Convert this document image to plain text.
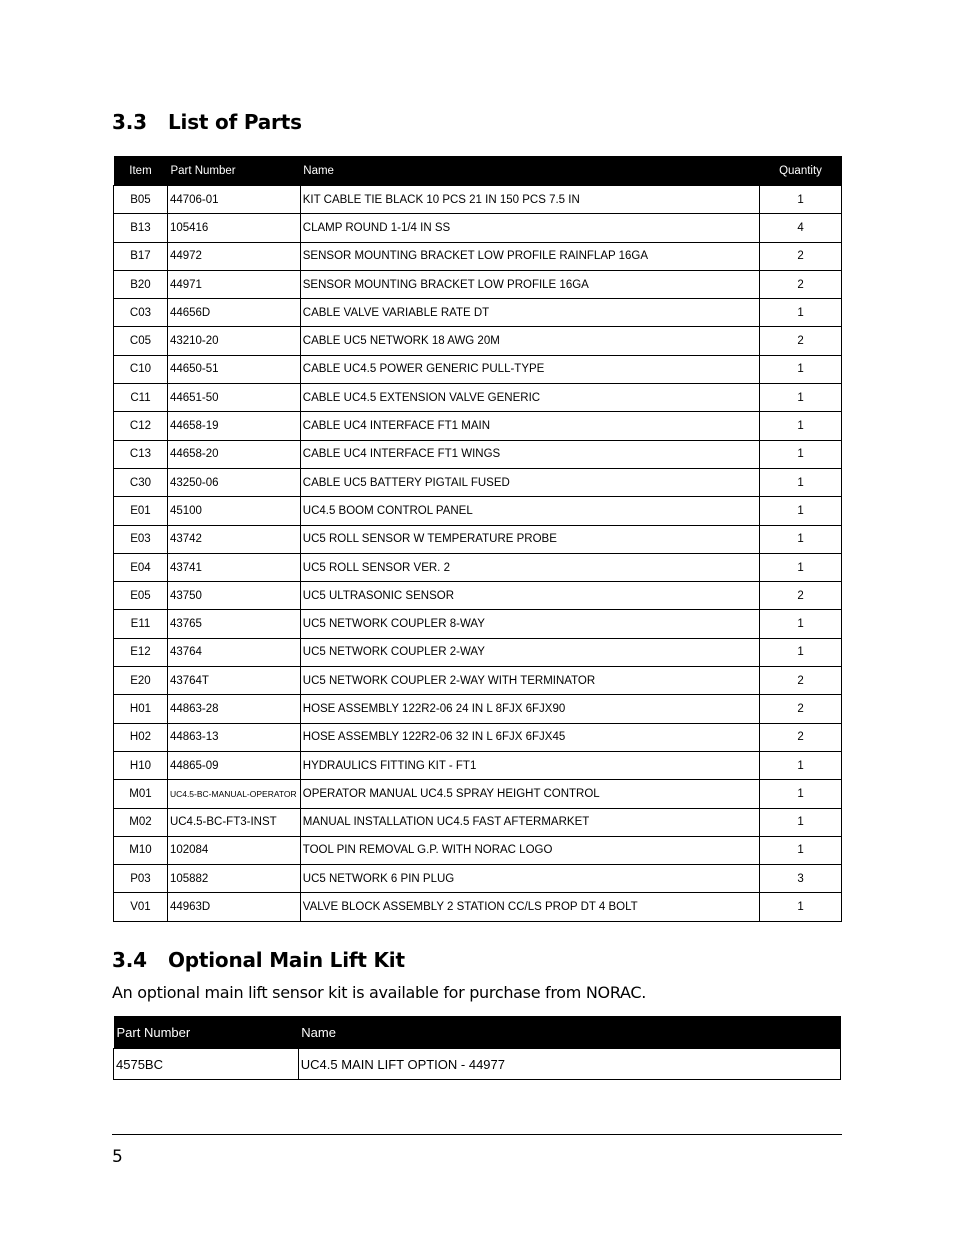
3.3 List of Parts
Item	Part Number	Name	Quantity
B05	44706-01	KIT CABLE TIE BLACK 10 PCS 21 IN 150 PCS 7.5 IN	1
B13	105416	CLAMP ROUND 1-1/4 IN SS	4
B17	44972	SENSOR MOUNTING BRACKET LOW PROFILE RAINFLAP 16GA	2
B20	44971	SENSOR MOUNTING BRACKET LOW PROFILE 16GA	2
C03	44656D	CABLE VALVE VARIABLE RATE DT	1
C05	43210-20	CABLE UC5 NETWORK 18 AWG 20M	2
C10	44650-51	CABLE UC4.5 POWER GENERIC PULL-TYPE	1
C11	44651-50	CABLE UC4.5 EXTENSION VALVE GENERIC	1
C12	44658-19	CABLE UC4 INTERFACE FT1 MAIN	1
C13	44658-20	CABLE UC4 INTERFACE FT1 WINGS	1
C30	43250-06	CABLE UC5 BATTERY PIGTAIL FUSED	1
E01	45100	UC4.5 BOOM CONTROL PANEL	1
E03	43742	UC5 ROLL SENSOR W TEMPERATURE PROBE	1
E04	43741	UC5 ROLL SENSOR VER. 2	1
E05	43750	UC5 ULTRASONIC SENSOR	2
E11	43765	UC5 NETWORK COUPLER 8-WAY	1
E12	43764	UC5 NETWORK COUPLER 2-WAY	1
E20	43764T	UC5 NETWORK COUPLER 2-WAY WITH TERMINATOR	2
H01	44863-28	HOSE ASSEMBLY 122R2-06 24 IN L 8FJX 6FJX90	2
H02	44863-13	HOSE ASSEMBLY 122R2-06 32 IN L 6FJX 6FJX45	2
H10	44865-09	HYDRAULICS FITTING KIT - FT1	1
M01	UC4.5-BC-MANUAL-OPERATOR	OPERATOR MANUAL UC4.5 SPRAY HEIGHT CONTROL	1
M02	UC4.5-BC-FT3-INST	MANUAL INSTALLATION UC4.5 FAST AFTERMARKET	1
M10	102084	TOOL PIN REMOVAL G.P. WITH NORAC LOGO	1
P03	105882	UC5 NETWORK 6 PIN PLUG	3
V01	44963D	VALVE BLOCK ASSEMBLY 2 STATION CC/LS PROP DT 4 BOLT	1
3.4 Optional Main Lift Kit
An optional main lift sensor kit is available for purchase from NORAC.
Part Number	Name
4575BC	UC4.5 MAIN LIFT OPTION - 44977
5
